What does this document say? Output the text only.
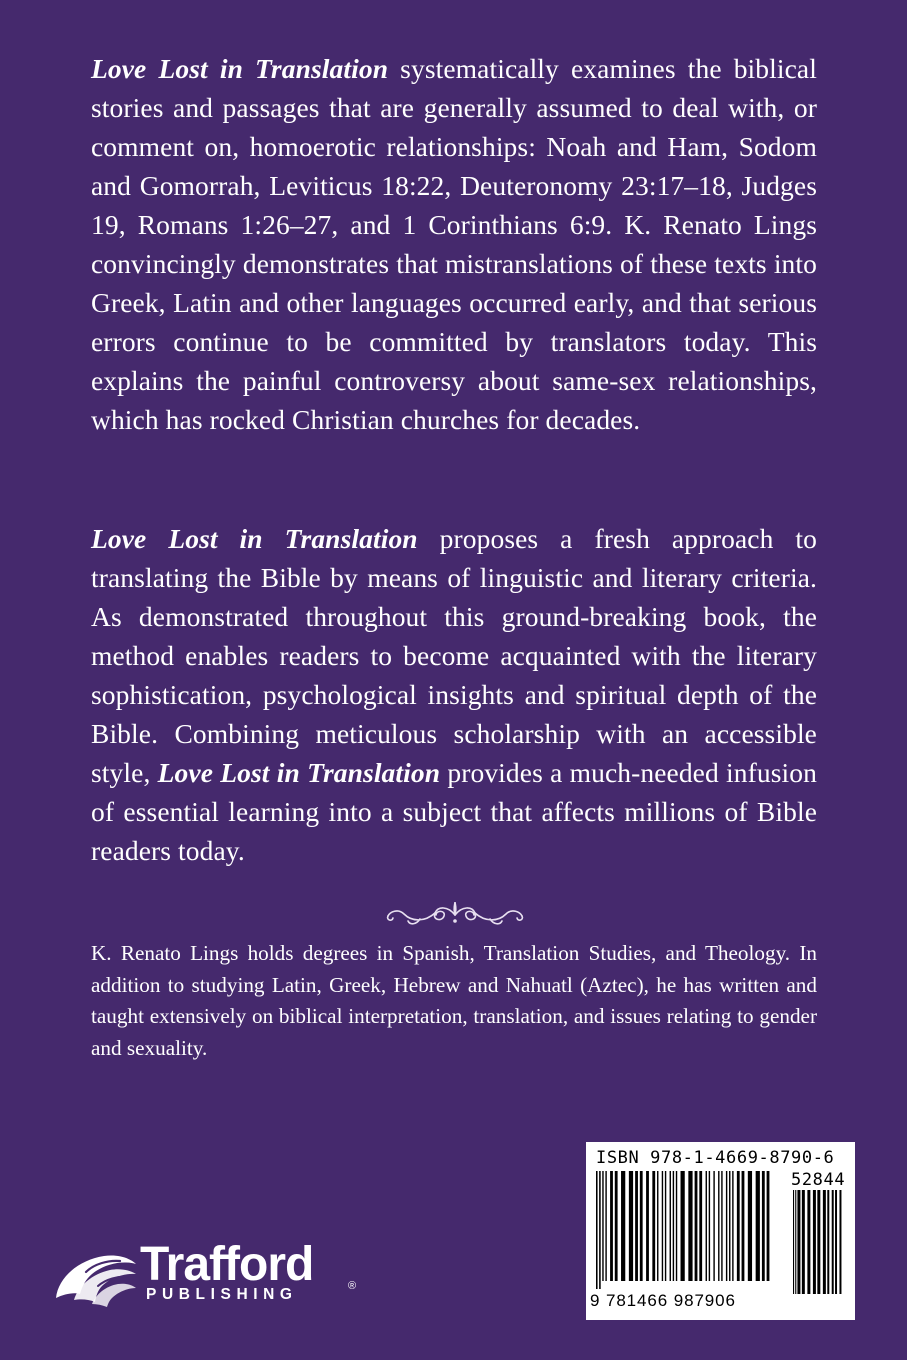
Love Lost in Translation systematically examines the biblical stories and passages that are generally assumed to deal with, or comment on, homoerotic relationships: Noah and Ham, Sodom and Gomorrah, Leviticus 18:22, Deuteronomy 23:17–18, Judges 19, Romans 1:26–27, and 1 Corinthians 6:9. K. Renato Lings convincingly demonstrates that mistranslations of these texts into Greek, Latin and other languages occurred early, and that serious errors continue to be committed by translators today. This explains the painful controversy about same-sex relationships, which has rocked Christian churches for decades.

Love Lost in Translation proposes a fresh approach to translating the Bible by means of linguistic and literary criteria. As demonstrated throughout this ground-breaking book, the method enables readers to become acquainted with the literary sophistication, psychological insights and spiritual depth of the Bible. Combining meticulous scholarship with an accessible style, Love Lost in Translation provides a much-needed infusion of essential learning into a subject that affects millions of Bible readers today.

K. Renato Lings holds degrees in Spanish, Translation Studies, and Theology. In addition to studying Latin, Greek, Hebrew and Nahuatl (Aztec), he has written and taught extensively on biblical interpretation, translation, and issues relating to gender and sexuality.

ISBN 978-1-4669-8790-6
52844
9 781466 987906
Trafford
PUBLISHING	®
